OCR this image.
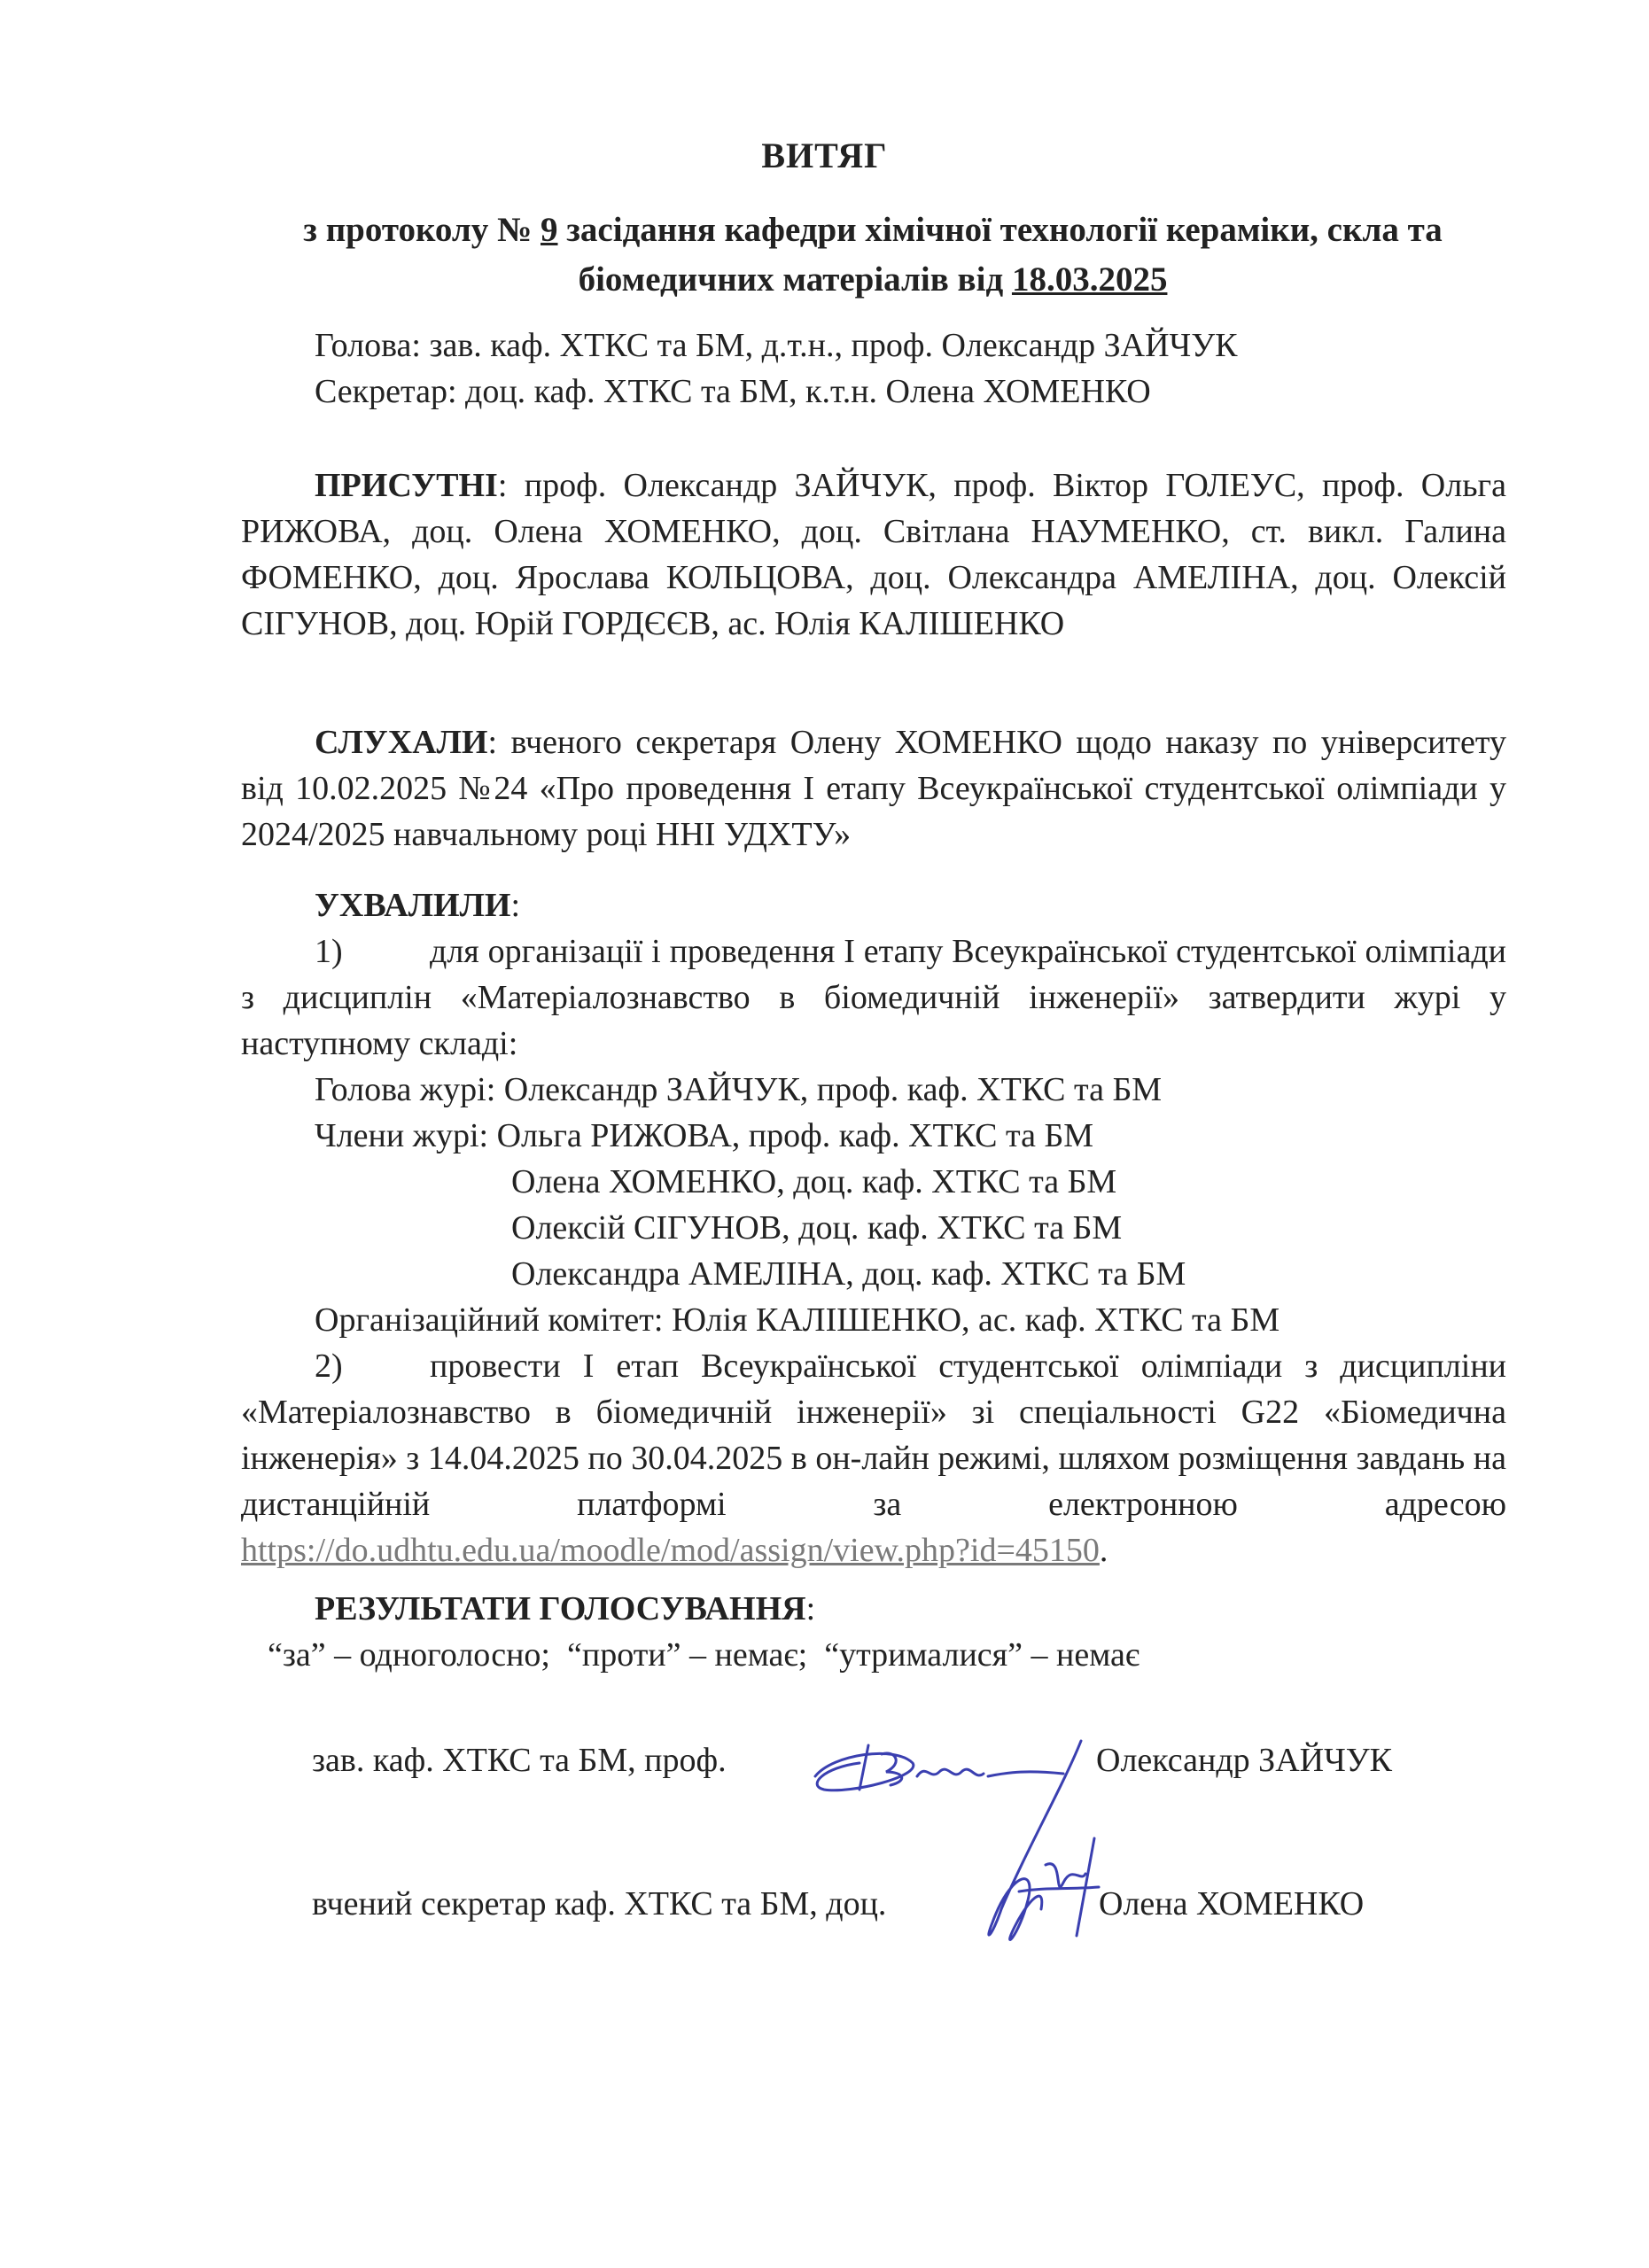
ВИТЯГ
з протоколу № 9 засідання кафедри хімічної технології кераміки, скла та біомедичних матеріалів від 18.03.2025
Голова: зав. каф. ХТКС та БМ, д.т.н., проф. Олександр ЗАЙЧУК
Секретар: доц. каф. ХТКС та БМ, к.т.н. Олена ХОМЕНКО
ПРИСУТНІ: проф. Олександр ЗАЙЧУК, проф. Віктор ГОЛЕУС, проф. Ольга РИЖОВА, доц. Олена ХОМЕНКО, доц. Світлана НАУМЕНКО, ст. викл. Галина ФОМЕНКО, доц. Ярослава КОЛЬЦОВА, доц. Олександра АМЕЛІНА, доц. Олексій СІГУНОВ, доц. Юрій ГОРДЄЄВ, ас. Юлія КАЛІШЕНКО
СЛУХАЛИ: вченого секретаря Олену ХОМЕНКО щодо наказу по університету від 10.02.2025 №24 «Про проведення І етапу Всеукраїнської студентської олімпіади у 2024/2025 навчальному році ННІ УДХТУ»
УХВАЛИЛИ:
1)	для організації і проведення І етапу Всеукраїнської студентської олімпіади з дисциплін «Матеріалознавство в біомедичній інженерії» затвердити журі у наступному складі:
Голова журі: Олександр ЗАЙЧУК, проф. каф. ХТКС та БМ
Члени журі: Ольга РИЖОВА, проф. каф. ХТКС та БМ
Олена ХОМЕНКО, доц. каф. ХТКС та БМ
Олексій СІГУНОВ, доц. каф. ХТКС та БМ
Олександра АМЕЛІНА, доц. каф. ХТКС та БМ
Організаційний комітет: Юлія КАЛІШЕНКО, ас. каф. ХТКС та БМ
2)	провести І етап Всеукраїнської студентської олімпіади з дисципліни «Матеріалознавство в біомедичній інженерії» зі спеціальності G22 «Біомедична інженерія» з 14.04.2025 по 30.04.2025 в он-лайн режимі, шляхом розміщення завдань на дистанційній платформі за електронною адресою https://do.udhtu.edu.ua/moodle/mod/assign/view.php?id=45150.
РЕЗУЛЬТАТИ ГОЛОСУВАННЯ:
“за” – одноголосно;  “проти” – немає;  “утрималися” – немає
зав. каф. ХТКС та БМ, проф.	Олександр ЗАЙЧУК
вчений секретар каф. ХТКС та БМ, доц.	Олена ХОМЕНКО
